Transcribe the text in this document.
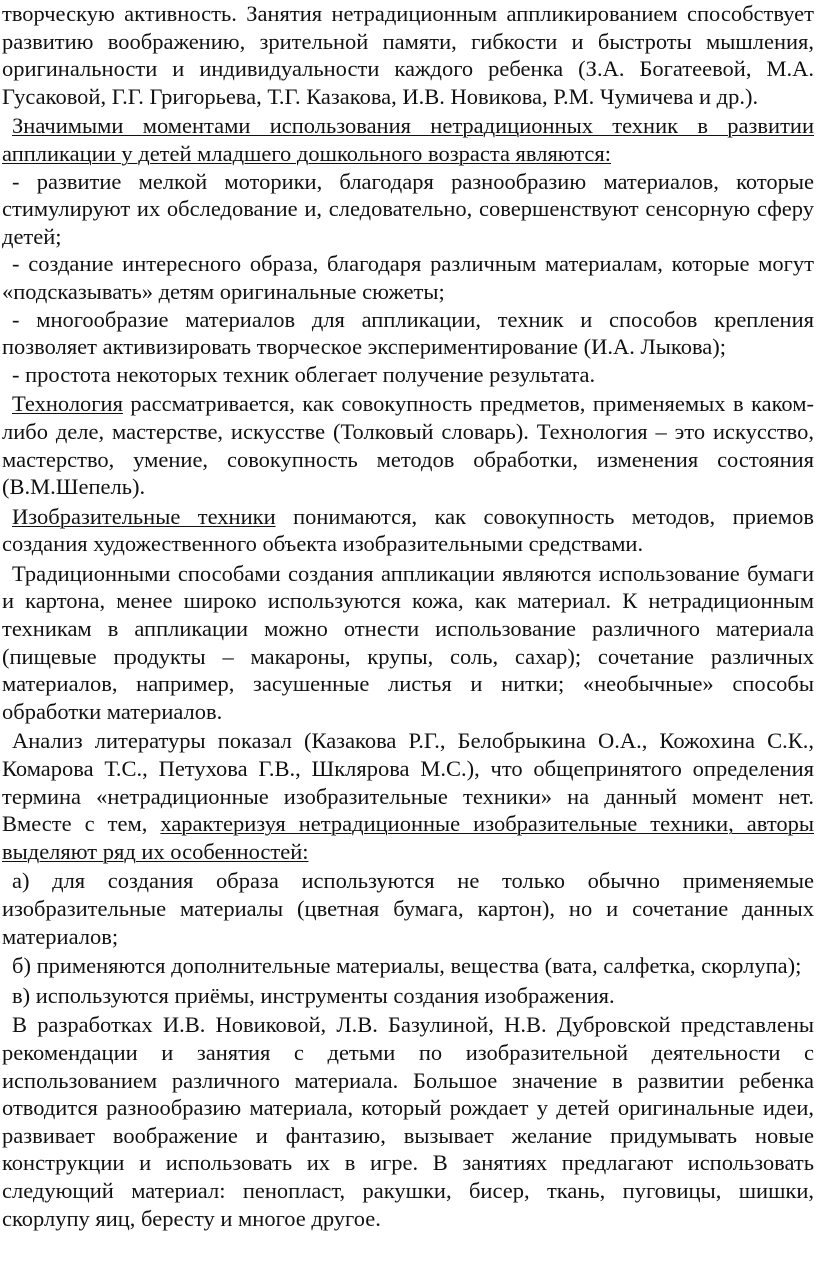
творческую активность. Занятия нетрадиционным аппликированием способствует развитию воображению, зрительной памяти, гибкости и быстроты мышления, оригинальности и индивидуальности каждого ребенка (З.А. Богатеевой, М.А. Гусаковой, Г.Г. Григорьева, Т.Г. Казакова, И.В. Новикова, Р.М. Чумичева и др.).

Значимыми моментами использования нетрадиционных техник в развитии аппликации у детей младшего дошкольного возраста являются:

- развитие мелкой моторики, благодаря разнообразию материалов, которые стимулируют их обследование и, следовательно, совершенствуют сенсорную сферу детей;

- создание интересного образа, благодаря различным материалам, которые могут «подсказывать» детям оригинальные сюжеты;

- многообразие материалов для аппликации, техник и способов крепления позволяет активизировать творческое экспериментирование (И.А. Лыкова);

- простота некоторых техник облегает получение результата.

Технология рассматривается, как совокупность предметов, применяемых в каком-либо деле, мастерстве, искусстве (Толковый словарь). Технология – это искусство, мастерство, умение, совокупность методов обработки, изменения состояния (В.М.Шепель).

Изобразительные техники понимаются, как совокупность методов, приемов создания художественного объекта изобразительными средствами.

Традиционными способами создания аппликации являются использование бумаги и картона, менее широко используются кожа, как материал. К нетрадиционным техникам в аппликации можно отнести использование различного материала (пищевые продукты – макароны, крупы, соль, сахар); сочетание различных материалов, например, засушенные листья и нитки; «необычные» способы обработки материалов.

Анализ литературы показал (Казакова Р.Г., Белобрыкина О.А., Кожохина С.К., Комарова Т.С., Петухова Г.В., Шклярова М.С.), что общепринятого определения термина «нетрадиционные изобразительные техники» на данный момент нет. Вместе с тем, характеризуя нетрадиционные изобразительные техники, авторы выделяют ряд их особенностей:

а) для создания образа используются не только обычно применяемые изобразительные материалы (цветная бумага, картон), но и сочетание данных материалов;

б) применяются дополнительные материалы, вещества (вата, салфетка, скорлупа);

в) используются приёмы, инструменты создания изображения.

В разработках И.В. Новиковой, Л.В. Базулиной, Н.В. Дубровской представлены рекомендации и занятия с детьми по изобразительной деятельности с использованием различного материала. Большое значение в развитии ребенка отводится разнообразию материала, который рождает у детей оригинальные идеи, развивает воображение и фантазию, вызывает желание придумывать новые конструкции и использовать их в игре. В занятиях предлагают использовать следующий материал: пенопласт, ракушки, бисер, ткань, пуговицы, шишки, скорлупу яиц, бересту и многое другое.
